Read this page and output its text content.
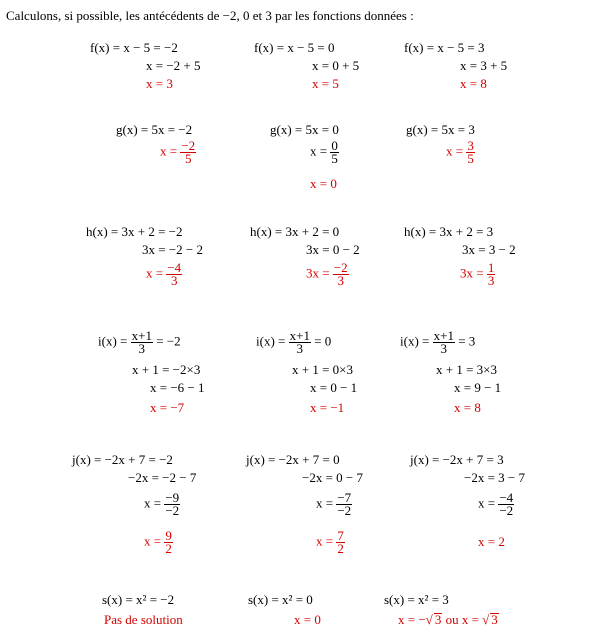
Calculons, si possible, les antécédents de −2, 0 et 3 par les fonctions données :
f(x) = x − 5 = −2
x = −2 + 5
x = 3
f(x) = x − 5 = 0
x = 0 + 5
x = 5
f(x) = x − 5 = 3
x = 3 + 5
x = 8
g(x) = 5x = −2
$x = \frac{-2}{5}$
g(x) = 5x = 0
$x = \frac{0}{5}$
x = 0
g(x) = 5x = 3
$x = \frac{3}{5}$
h(x) = 3x + 2 = −2
3x = −2 − 2
$x = \frac{-4}{3}$
h(x) = 3x + 2 = 0
3x = 0 − 2
$3x = \frac{-2}{3}$
h(x) = 3x + 2 = 3
3x = 3 − 2
$3x = \frac{1}{3}$
$i(x) = \frac{x+1}{3} = -2$
x + 1 = −2×3
x = −6 − 1
x = −7
$i(x) = \frac{x+1}{3} = 0$
x + 1 = 0×3
x = 0 − 1
x = −1
$i(x) = \frac{x+1}{3} = 3$
x + 1 = 3×3
x = 9 − 1
x = 8
j(x) = −2x + 7 = −2
−2x = −2 − 7
$x = \frac{-9}{-2}$
$x = \frac{9}{2}$
j(x) = −2x + 7 = 0
−2x = 0 − 7
$x = \frac{-7}{-2}$
$x = \frac{7}{2}$
j(x) = −2x + 7 = 3
−2x = 3 − 7
$x = \frac{-4}{-2}$
x = 2
s(x) = x² = −2
Pas de solution
s(x) = x² = 0
x = 0
s(x) = x² = 3
x = −√ 3 ou x = √ 3
